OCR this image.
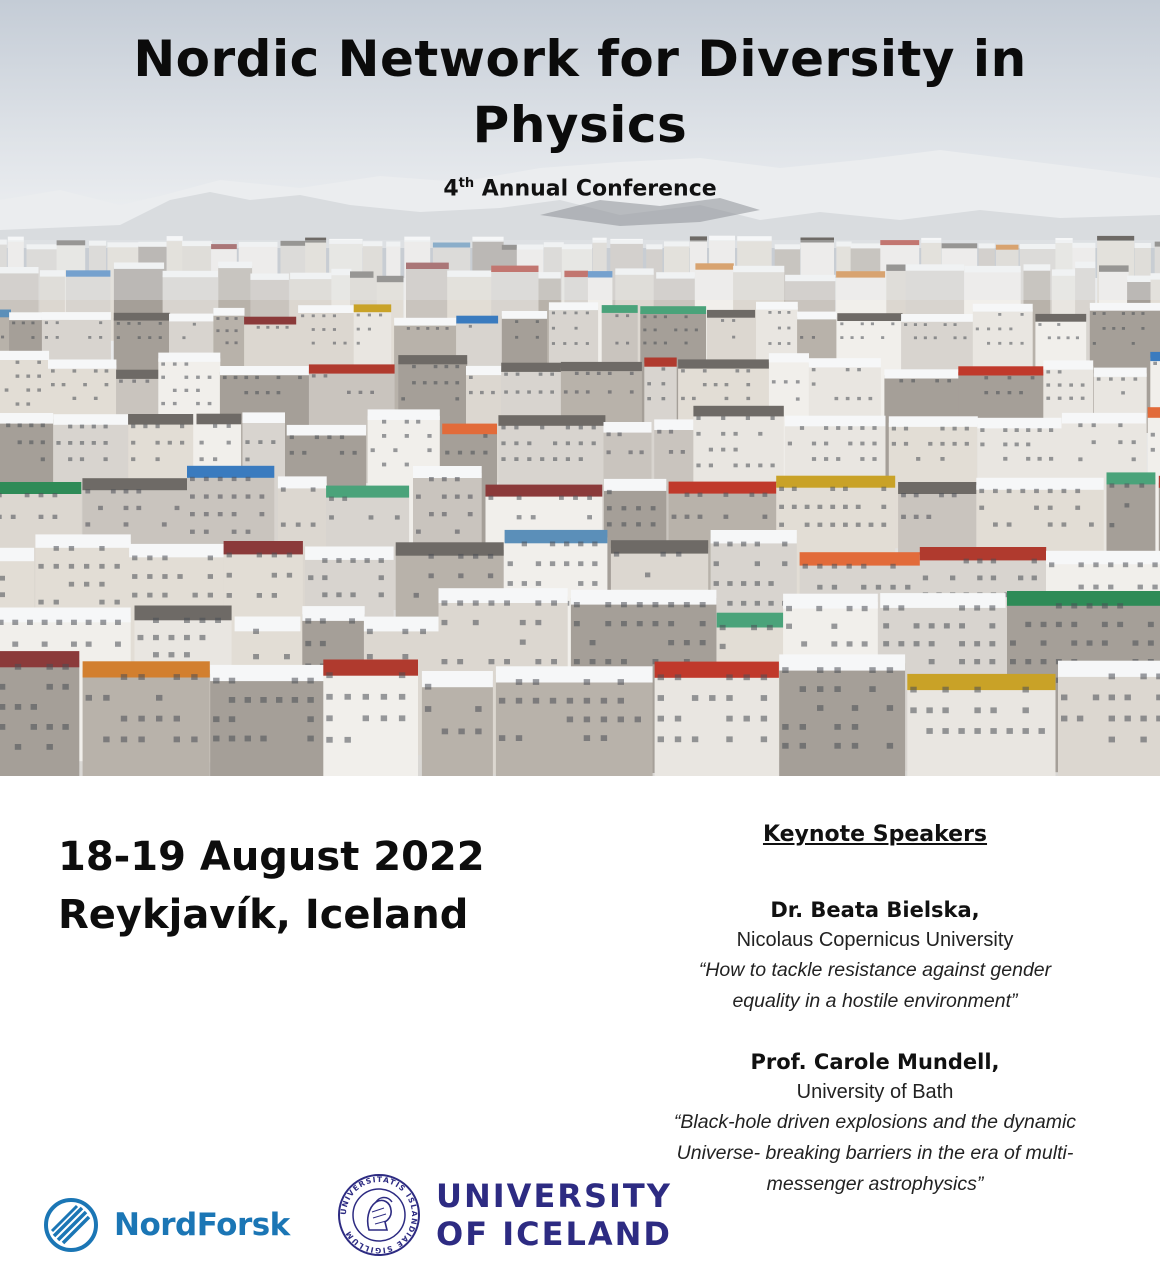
Nordic Network for Diversity in
Physics
4th Annual Conference
18-19 August 2022
Reykjavík, Iceland
Keynote Speakers
Dr. Beata Bielska,
Nicolaus Copernicus University
“How to tackle resistance against gender equality in a hostile environment”
Prof. Carole Mundell,
University of Bath
“Black-hole driven explosions and the dynamic Universe- breaking barriers in the era of multi-messenger astrophysics”
NordForsk	UNIVERSITATIS ISLANDIAE SIGILLUM
UNIVERSITY
OF ICELAND
